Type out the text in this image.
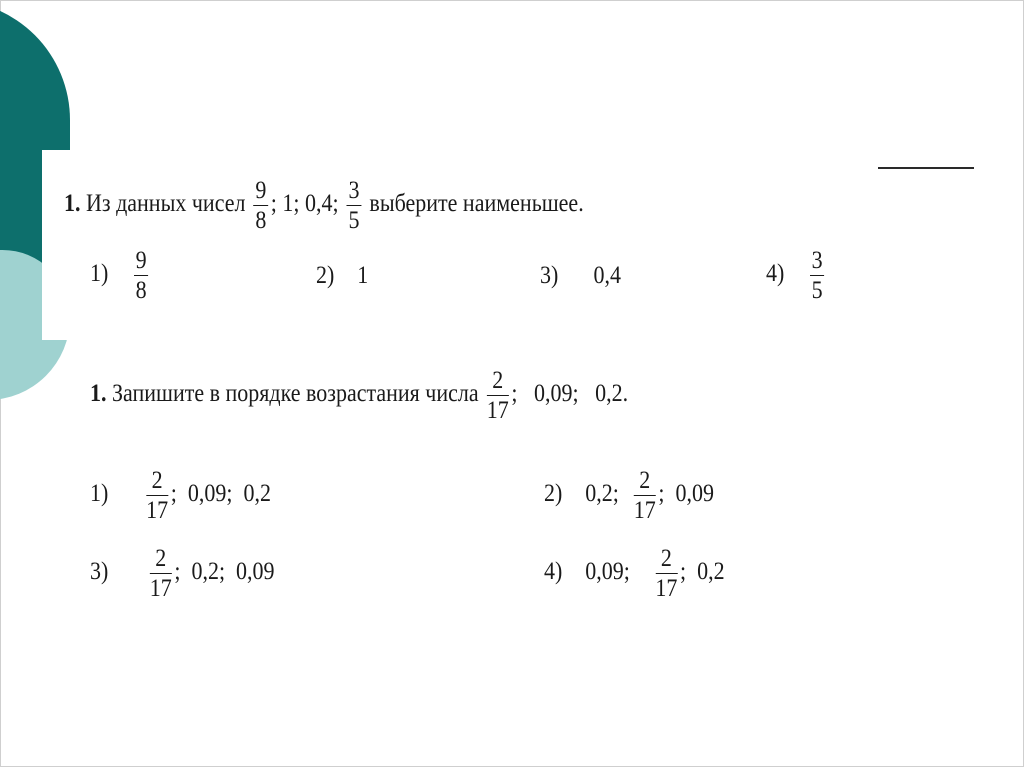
1. Из данных чисел $\frac{9}{8}$ ; 1; 0,4; $\frac{3}{5}$ выберите наименьшее.
$1) \frac{9}{8}$	2) 1	3) 0,4	$4) \frac{3}{5}$
1. Запишите в порядке возрастания числа $\frac{2}{17}$ ;   0,09;   0,2.
$1) \frac{2}{17}$ ;  0,09;  0,2	2) 0,2; $\frac{2}{17}$ ;  0,09
$3) \frac{2}{17}$ ;  0,2;  0,09	4) 0,09; $\frac{2}{17}$ ;  0,2
